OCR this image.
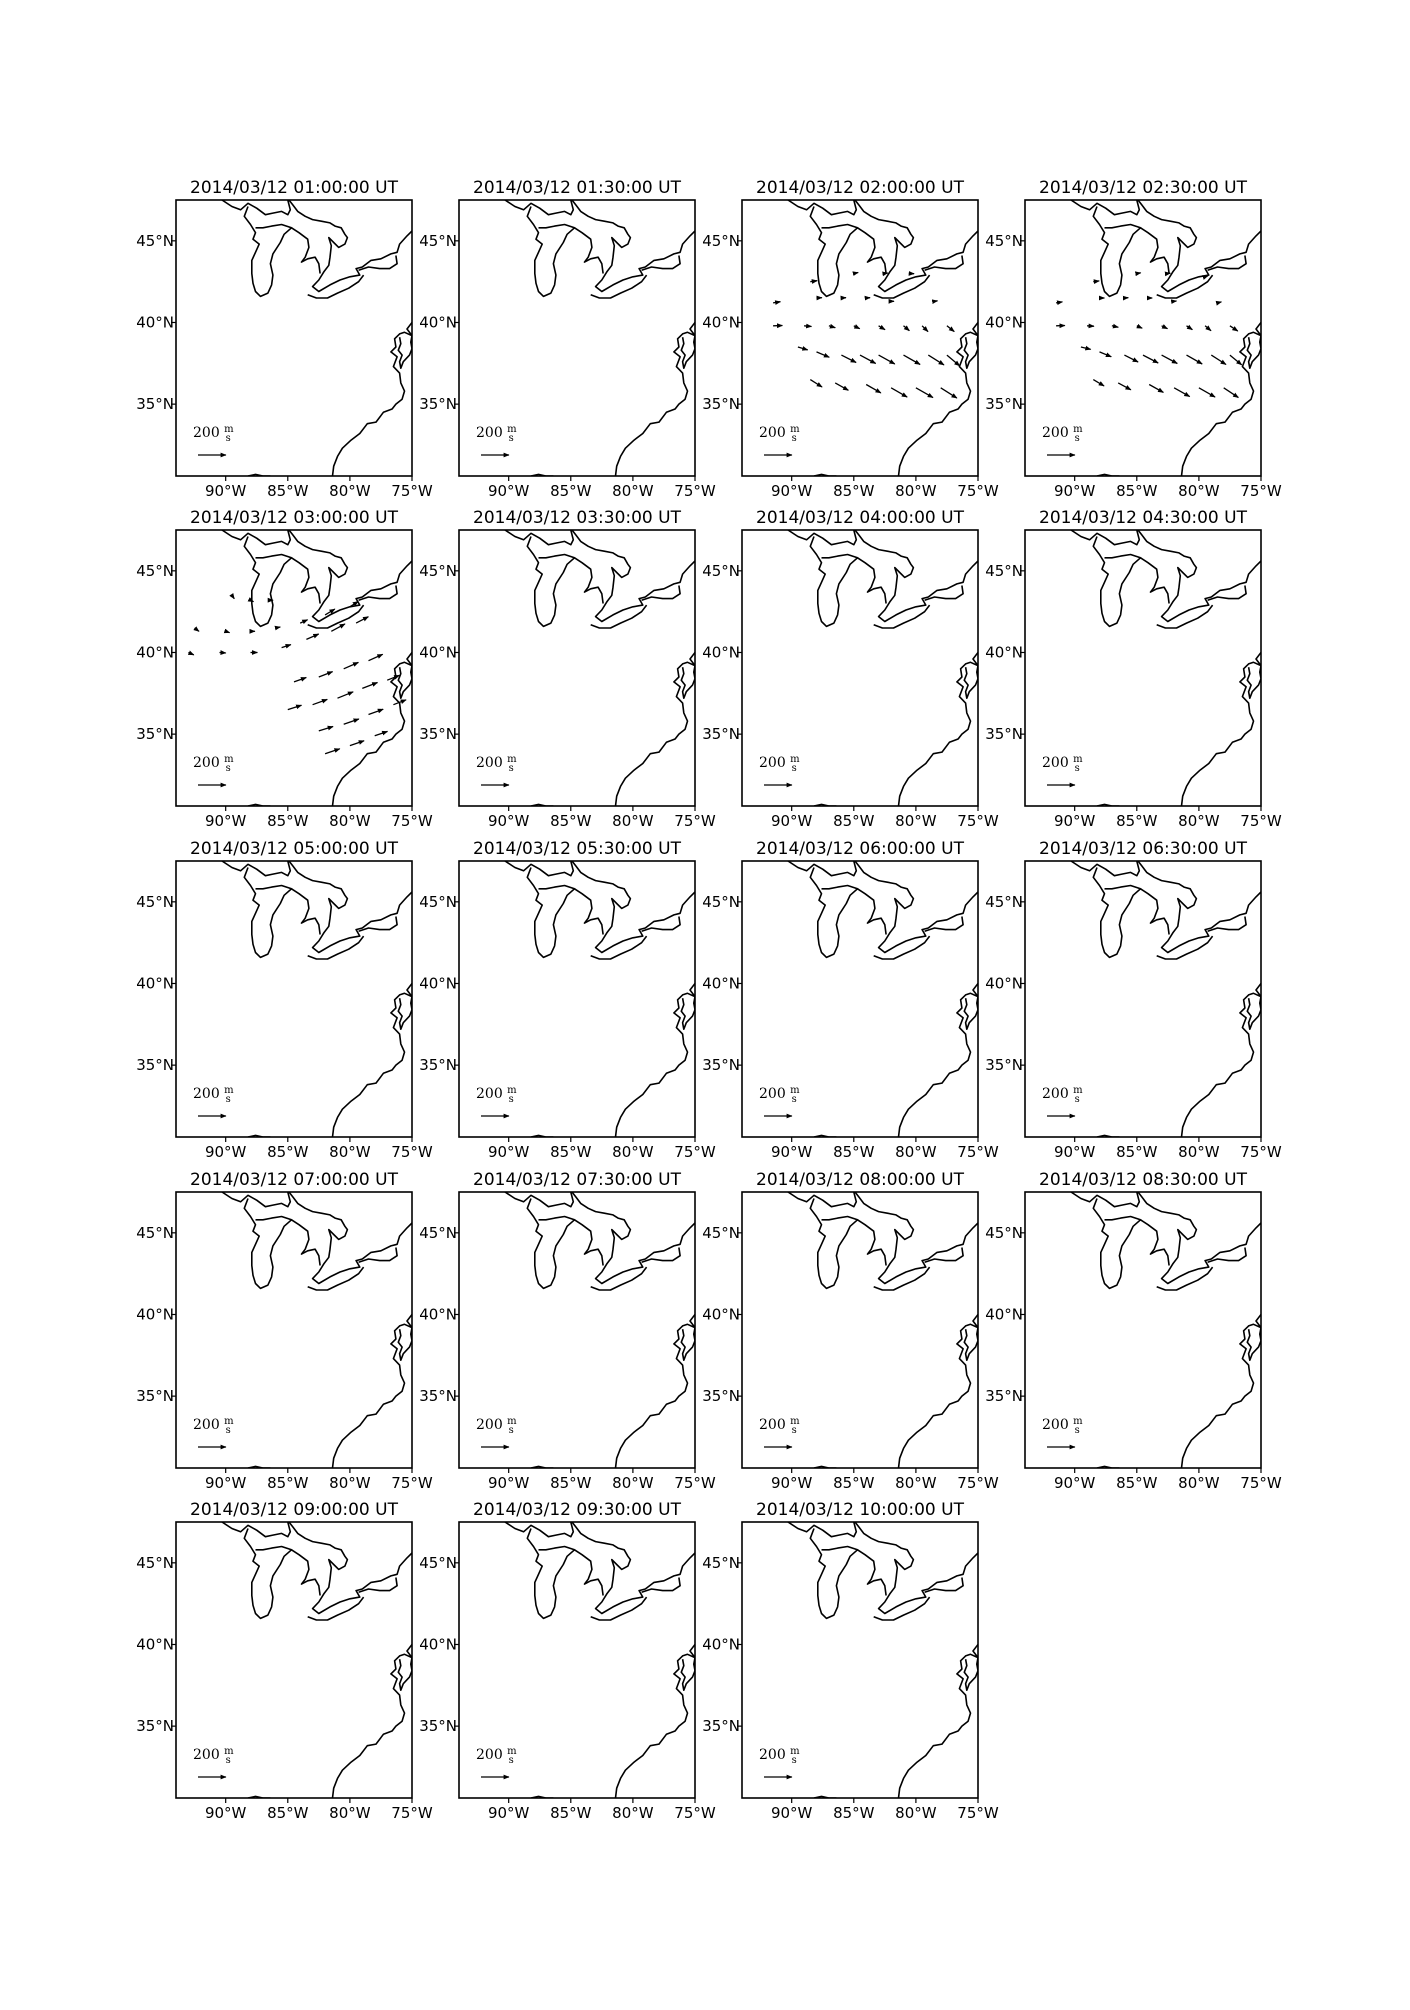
2014/03/12 01:00:00 UT
200 $^m$ s
90°W 85°W 80°W 75°W
45°N
40°N
35°N
2014/03/12 01:30:00 UT
200 $^m$ s
90°W 85°W 80°W 75°W
45°N
40°N
35°N
2014/03/12 02:00:00 UT
200 $^m$ s
90°W 85°W 80°W 75°W
45°N
40°N
35°N
2014/03/12 02:30:00 UT
200 $^m$ s
90°W 85°W 80°W 75°W
45°N
40°N
35°N
2014/03/12 03:00:00 UT
200 $^m$ s
90°W 85°W 80°W 75°W
45°N
40°N
35°N
2014/03/12 03:30:00 UT
200 $^m$ s
90°W 85°W 80°W 75°W
45°N
40°N
35°N
2014/03/12 04:00:00 UT
200 $^m$ s
90°W 85°W 80°W 75°W
45°N
40°N
35°N
2014/03/12 04:30:00 UT
200 $^m$ s
90°W 85°W 80°W 75°W
45°N
40°N
35°N
2014/03/12 05:00:00 UT
200 $^m$ s
90°W 85°W 80°W 75°W
45°N
40°N
35°N
2014/03/12 05:30:00 UT
200 $^m$ s
90°W 85°W 80°W 75°W
45°N
40°N
35°N
2014/03/12 06:00:00 UT
200 $^m$ s
90°W 85°W 80°W 75°W
45°N
40°N
35°N
2014/03/12 06:30:00 UT
200 $^m$ s
90°W 85°W 80°W 75°W
45°N
40°N
35°N
2014/03/12 07:00:00 UT
200 $^m$ s
90°W 85°W 80°W 75°W
45°N
40°N
35°N
2014/03/12 07:30:00 UT
200 $^m$ s
90°W 85°W 80°W 75°W
45°N
40°N
35°N
2014/03/12 08:00:00 UT
200 $^m$ s
90°W 85°W 80°W 75°W
45°N
40°N
35°N
2014/03/12 08:30:00 UT
200 $^m$ s
90°W 85°W 80°W 75°W
45°N
40°N
35°N
2014/03/12 09:00:00 UT
200 $^m$ s
90°W 85°W 80°W 75°W
45°N
40°N
35°N
2014/03/12 09:30:00 UT
200 $^m$ s
90°W 85°W 80°W 75°W
45°N
40°N
35°N
2014/03/12 10:00:00 UT
200 $^m$ s
90°W 85°W 80°W 75°W
45°N
40°N
35°N
